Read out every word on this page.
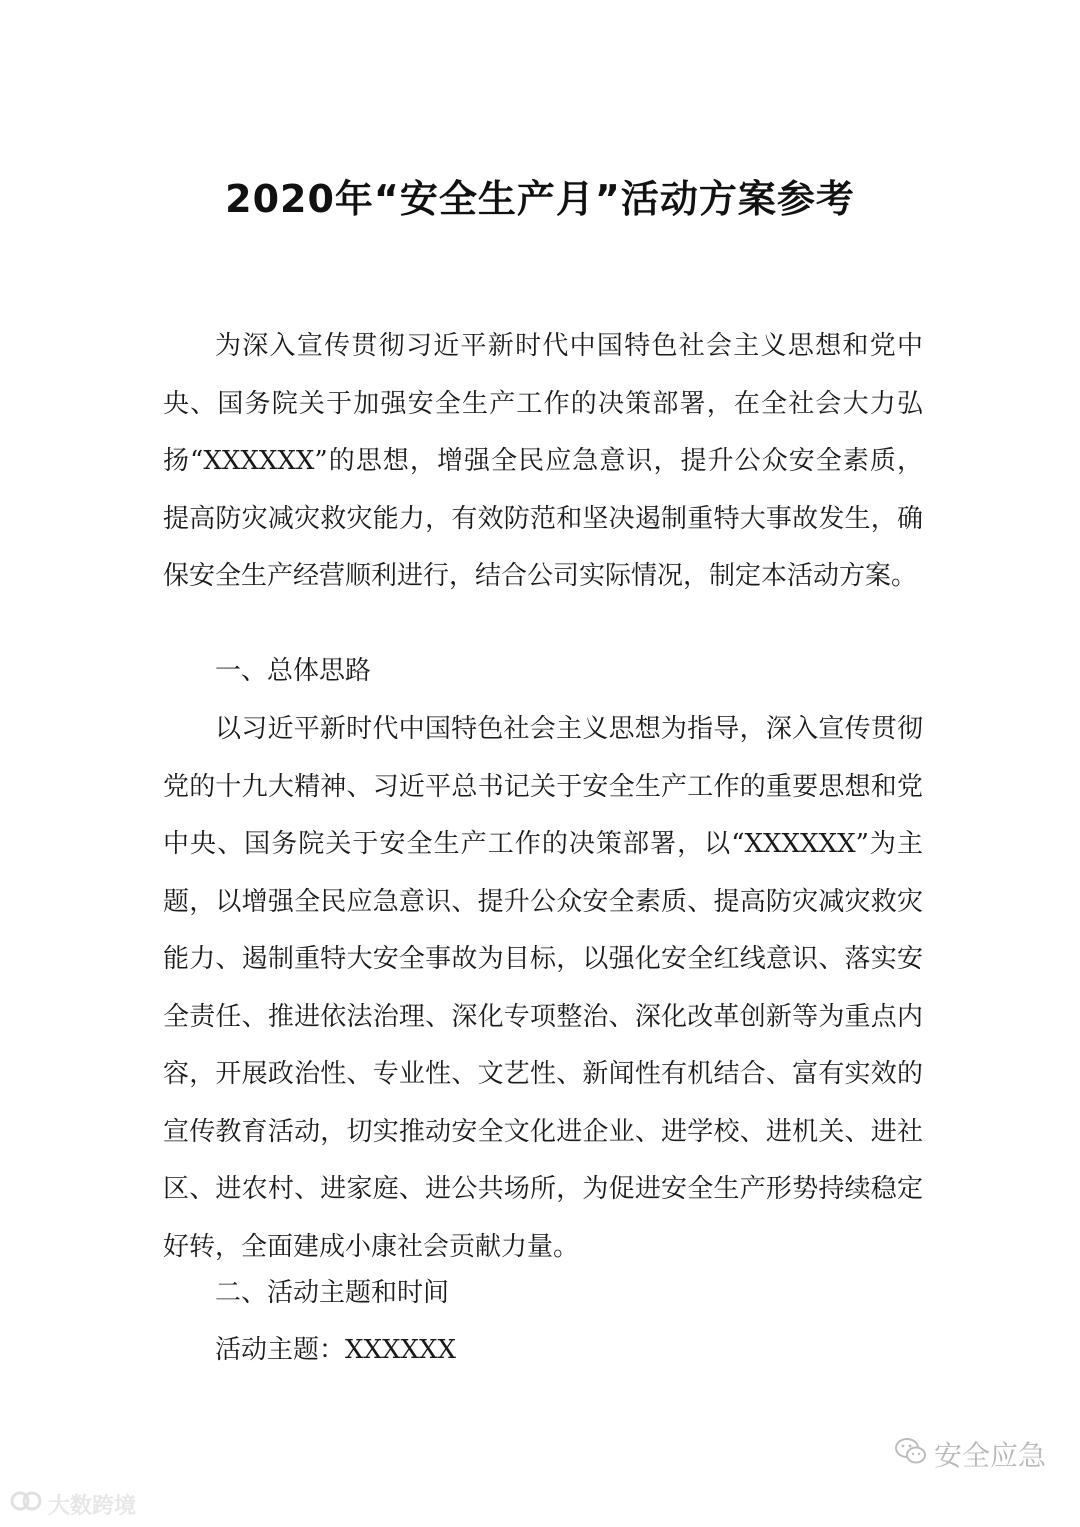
2020年“安全生产月”活动方案参考

为深入宣传贯彻习近平新时代中国特色社会主义思想和党中央、国务院关于加强安全生产工作的决策部署，在全社会大力弘扬“XXXXXX”的思想，增强全民应急意识，提升公众安全素质，提高防灾减灾救灾能力，有效防范和坚决遏制重特大事故发生，确保安全生产经营顺利进行，结合公司实际情况，制定本活动方案。

一、总体思路

以习近平新时代中国特色社会主义思想为指导，深入宣传贯彻党的十九大精神、习近平总书记关于安全生产工作的重要思想和党中央、国务院关于安全生产工作的决策部署，以“XXXXXX”为主题，以增强全民应急意识、提升公众安全素质、提高防灾减灾救灾能力、遏制重特大安全事故为目标，以强化安全红线意识、落实安全责任、推进依法治理、深化专项整治、深化改革创新等为重点内容，开展政治性、专业性、文艺性、新闻性有机结合、富有实效的宣传教育活动，切实推动安全文化进企业、进学校、进机关、进社区、进农村、进家庭、进公共场所，为促进安全生产形势持续稳定好转，全面建成小康社会贡献力量。

二、活动主题和时间

活动主题：XXXXXX

安全应急
大数跨境
